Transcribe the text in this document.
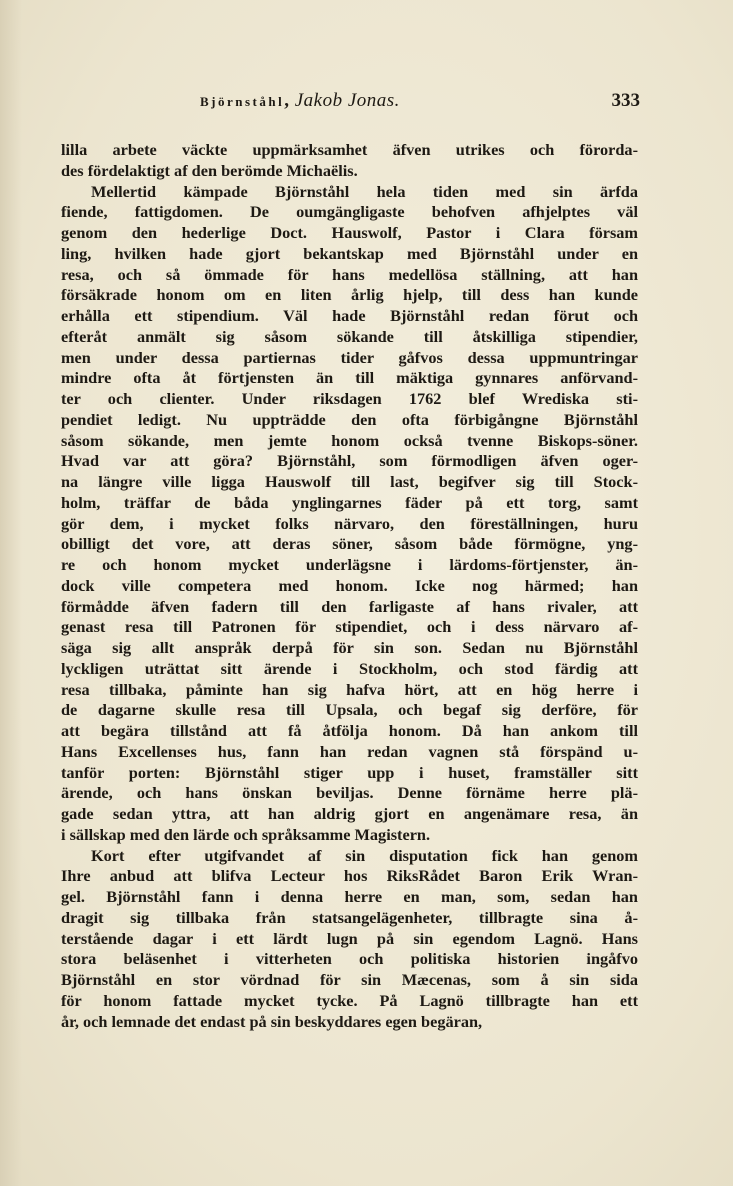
Björnståhl, Jakob Jonas.	333
lilla arbete väckte uppmärksamhet äfven utrikes och förorda-
des fördelaktigt af den berömde Michaëlis.
Mellertid kämpade Björnståhl hela tiden med sin ärfda
fiende, fattigdomen. De oumgängligaste behofven afhjelptes väl
genom den hederlige Doct. Hauswolf, Pastor i Clara försam
ling, hvilken hade gjort bekantskap med Björnståhl under en
resa, och så ömmade för hans medellösa ställning, att han
försäkrade honom om en liten årlig hjelp, till dess han kunde
erhålla ett stipendium. Väl hade Björnståhl redan förut och
efteråt anmält sig såsom sökande till åtskilliga stipendier,
men under dessa partiernas tider gåfvos dessa uppmuntringar
mindre ofta åt förtjensten än till mäktiga gynnares anförvand-
ter och clienter. Under riksdagen 1762 blef Wrediska sti-
pendiet ledigt. Nu uppträdde den ofta förbigångne Björnståhl
såsom sökande, men jemte honom också tvenne Biskops-söner.
Hvad var att göra? Björnståhl, som förmodligen äfven oger-
na längre ville ligga Hauswolf till last, begifver sig till Stock-
holm, träffar de båda ynglingarnes fäder på ett torg, samt
gör dem, i mycket folks närvaro, den föreställningen, huru
obilligt det vore, att deras söner, såsom både förmögne, yng-
re och honom mycket underlägsne i lärdoms-förtjenster, än-
dock ville competera med honom. Icke nog härmed; han
förmådde äfven fadern till den farligaste af hans rivaler, att
genast resa till Patronen för stipendiet, och i dess närvaro af-
säga sig allt anspråk derpå för sin son. Sedan nu Björnståhl
lyckligen uträttat sitt ärende i Stockholm, och stod färdig att
resa tillbaka, påminte han sig hafva hört, att en hög herre i
de dagarne skulle resa till Upsala, och begaf sig derföre, för
att begära tillstånd att få åtfölja honom. Då han ankom till
Hans Excellenses hus, fann han redan vagnen stå förspänd u-
tanför porten: Björnståhl stiger upp i huset, framställer sitt
ärende, och hans önskan beviljas. Denne förnäme herre plä-
gade sedan yttra, att han aldrig gjort en angenämare resa, än
i sällskap med den lärde och språksamme Magistern.
Kort efter utgifvandet af sin disputation fick han genom
Ihre anbud att blifva Lecteur hos RiksRådet Baron Erik Wran-
gel. Björnståhl fann i denna herre en man, som, sedan han
dragit sig tillbaka från statsangelägenheter, tillbragte sina å-
terstående dagar i ett lärdt lugn på sin egendom Lagnö. Hans
stora beläsenhet i vitterheten och politiska historien ingåfvo
Björnståhl en stor vördnad för sin Mæcenas, som å sin sida
för honom fattade mycket tycke. På Lagnö tillbragte han ett
år, och lemnade det endast på sin beskyddares egen begäran,
